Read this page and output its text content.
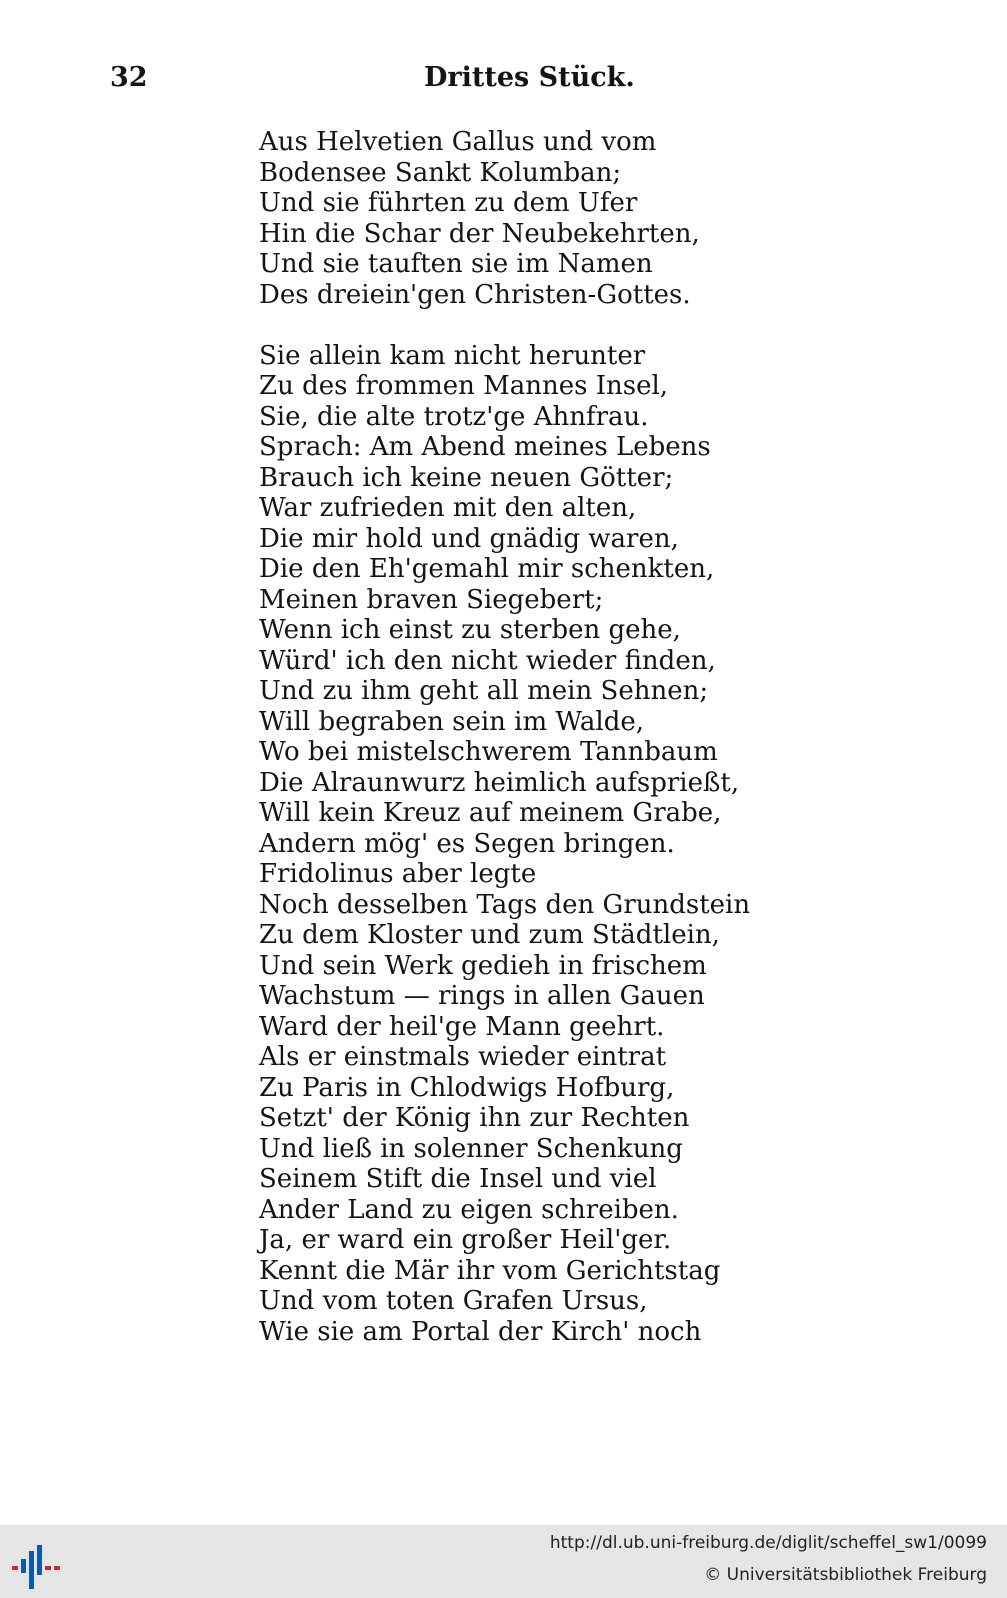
32	Drittes Stück.
Aus Helvetien Gallus und vom
Bodensee Sankt Kolumban;
Und sie führten zu dem Ufer
Hin die Schar der Neubekehrten,
Und sie tauften sie im Namen
Des dreiein'gen Christen-Gottes.
Sie allein kam nicht herunter
Zu des frommen Mannes Insel,
Sie, die alte trotz'ge Ahnfrau.
Sprach: Am Abend meines Lebens
Brauch ich keine neuen Götter;
War zufrieden mit den alten,
Die mir hold und gnädig waren,
Die den Eh'gemahl mir schenkten,
Meinen braven Siegebert;
Wenn ich einst zu sterben gehe,
Würd' ich den nicht wieder finden,
Und zu ihm geht all mein Sehnen;
Will begraben sein im Walde,
Wo bei mistelschwerem Tannbaum
Die Alraunwurz heimlich aufsprießt,
Will kein Kreuz auf meinem Grabe,
Andern mög' es Segen bringen.
Fridolinus aber legte
Noch desselben Tags den Grundstein
Zu dem Kloster und zum Städtlein,
Und sein Werk gedieh in frischem
Wachstum — rings in allen Gauen
Ward der heil'ge Mann geehrt.
Als er einstmals wieder eintrat
Zu Paris in Chlodwigs Hofburg,
Setzt' der König ihn zur Rechten
Und ließ in solenner Schenkung
Seinem Stift die Insel und viel
Ander Land zu eigen schreiben.
Ja, er ward ein großer Heil'ger.
Kennt die Mär ihr vom Gerichtstag
Und vom toten Grafen Ursus,
Wie sie am Portal der Kirch' noch
http://dl.ub.uni-freiburg.de/diglit/scheffel_sw1/0099
© Universitätsbibliothek Freiburg
